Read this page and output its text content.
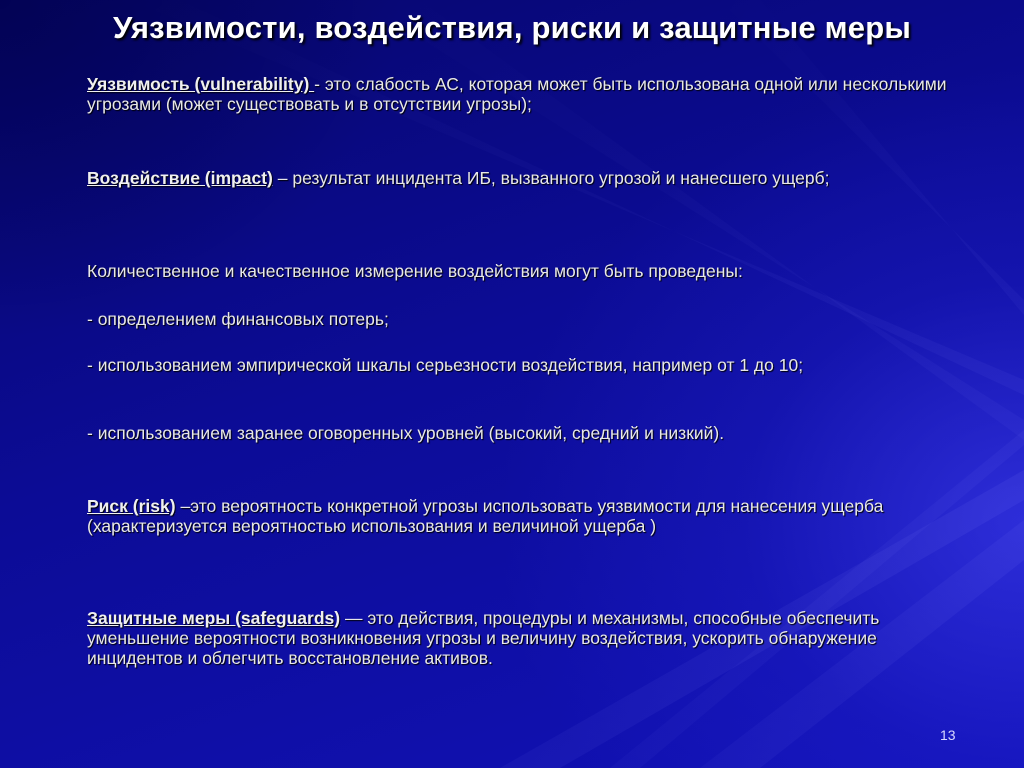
Уязвимости, воздействия, риски и защитные меры
Уязвимость (vulnerability) - это слабость АС, которая может быть использована одной или несколькими угрозами (может существовать и в отсутствии угрозы);
Воздействие (impact) – результат инцидента ИБ, вызванного угрозой и нанесшего ущерб;
Количественное и качественное измерение воздействия могут быть проведены:
- определением финансовых потерь;
- использованием эмпирической шкалы серьезности воздействия, например от 1 до 10;
- использованием заранее оговоренных уровней (высокий, средний и низкий).
Риск (risk) –это вероятность конкретной угрозы использовать уязвимости для нанесения ущерба (характеризуется вероятностью использования и величиной ущерба )
Защитные меры (safeguards) — это действия, процедуры и механизмы, способные обеспечить уменьшение вероятности возникновения угрозы и величину воздействия, ускорить обнаружение инцидентов и облегчить восстановление активов.
13
